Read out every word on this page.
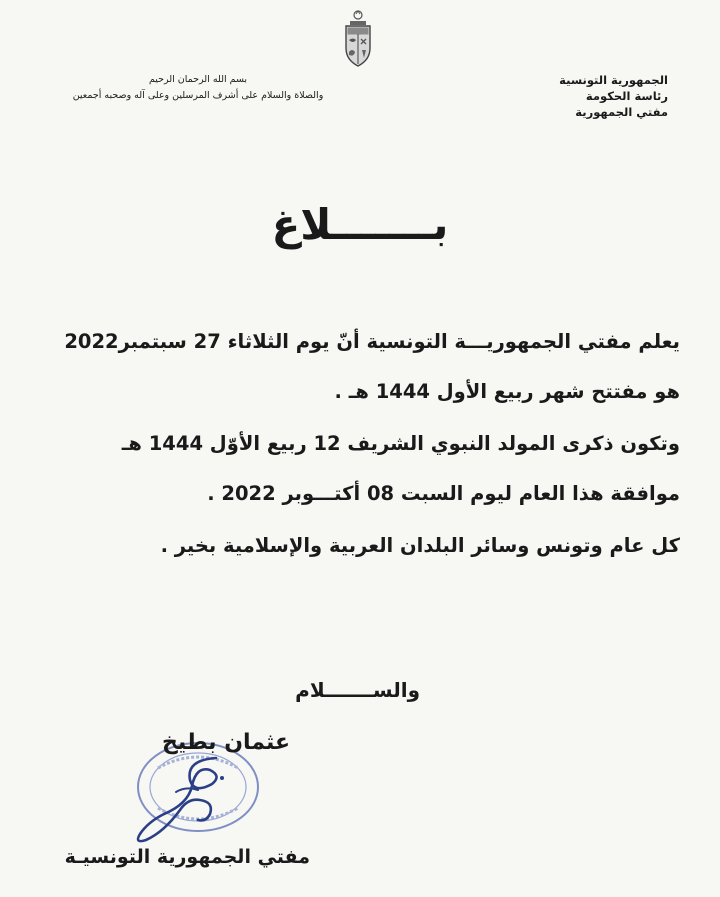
الجمهورية التونسية
رئاسة الحكومة
مفتي الجمهورية
بسم الله الرحمان الرحيم
والصلاة والسلام على أشرف المرسلين وعلى آله وصحبه أجمعين
بـــــــلاغ
يعلم مفتي الجمهوريـــة التونسية أنّ يوم الثلاثاء 27 سبتمبر2022
هو مفتتح شهر ربيع الأول 1444 هـ .
وتكون ذكرى المولد النبوي الشريف 12 ربيع الأوّل 1444 هـ
موافقة هذا العام ليوم السبت 08 أكتـــوبر 2022 .
كل عام وتونس وسائر البلدان العربية والإسلامية بخير .
والســـــــلام
عثمان بطيخ
مفتي الجمهورية التونسيـة
